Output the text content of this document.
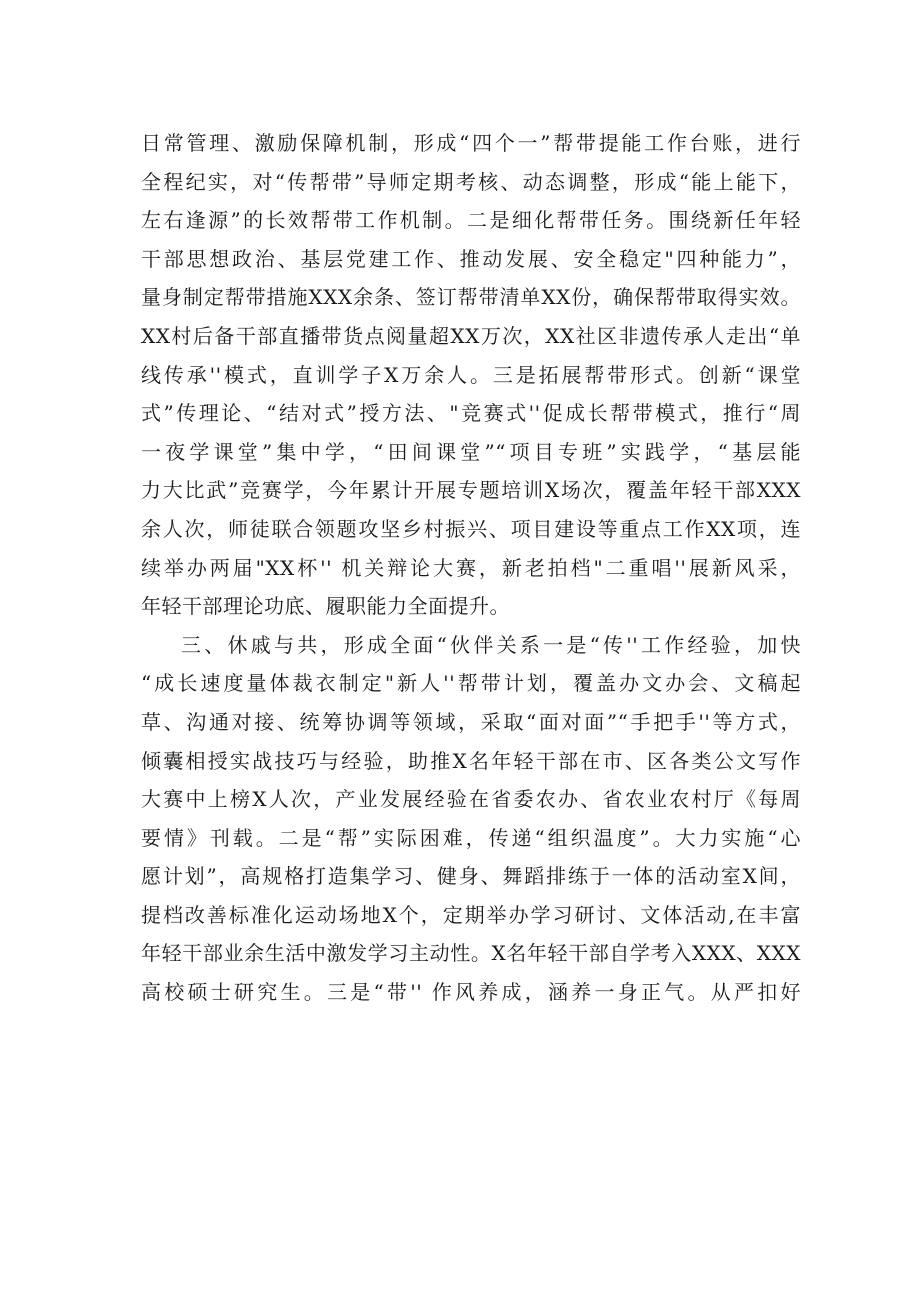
日常管理、激励保障机制，形成“四个一”帮带提能工作台账，进行
全程纪实，对“传帮带”导师定期考核、动态调整，形成“能上能下，
左右逢源”的长效帮带工作机制。二是细化帮带任务。围绕新任年轻
干部思想政治、基层党建工作、推动发展、安全稳定"四种能力”，
量身制定帮带措施XXX余条、签订帮带清单XX份，确保帮带取得实效。
XX村后备干部直播带货点阅量超XX万次，XX社区非遗传承人走出“单
线传承''模式，直训学子X万余人。三是拓展帮带形式。创新“课堂
式”传理论、“结对式”授方法、"竞赛式''促成长帮带模式，推行“周
一夜学课堂”集中学，“田间课堂”“项目专班”实践学，“基层能
力大比武”竞赛学，今年累计开展专题培训X场次，覆盖年轻干部XXX
余人次，师徒联合领题攻坚乡村振兴、项目建设等重点工作XX项，连
续举办两届"XX杯'' 机关辩论大赛，新老拍档"二重唱''展新风采，
年轻干部理论功底、履职能力全面提升。
三、休戚与共，形成全面“伙伴关系一是“传''工作经验，加快
“成长速度量体裁衣制定"新人''帮带计划，覆盖办文办会、文稿起
草、沟通对接、统筹协调等领域，采取“面对面”“手把手''等方式，
倾囊相授实战技巧与经验，助推X名年轻干部在市、区各类公文写作
大赛中上榜X人次，产业发展经验在省委农办、省农业农村厅《每周
要情》刊载。二是“帮”实际困难，传递“组织温度”。大力实施“心
愿计划”，高规格打造集学习、健身、舞蹈排练于一体的活动室X间，
提档改善标准化运动场地X个，定期举办学习研讨、文体活动,在丰富
年轻干部业余生活中激发学习主动性。X名年轻干部自学考入XXX、XXX
高校硕士研究生。三是“带'' 作风养成，涵养一身正气。从严扣好
